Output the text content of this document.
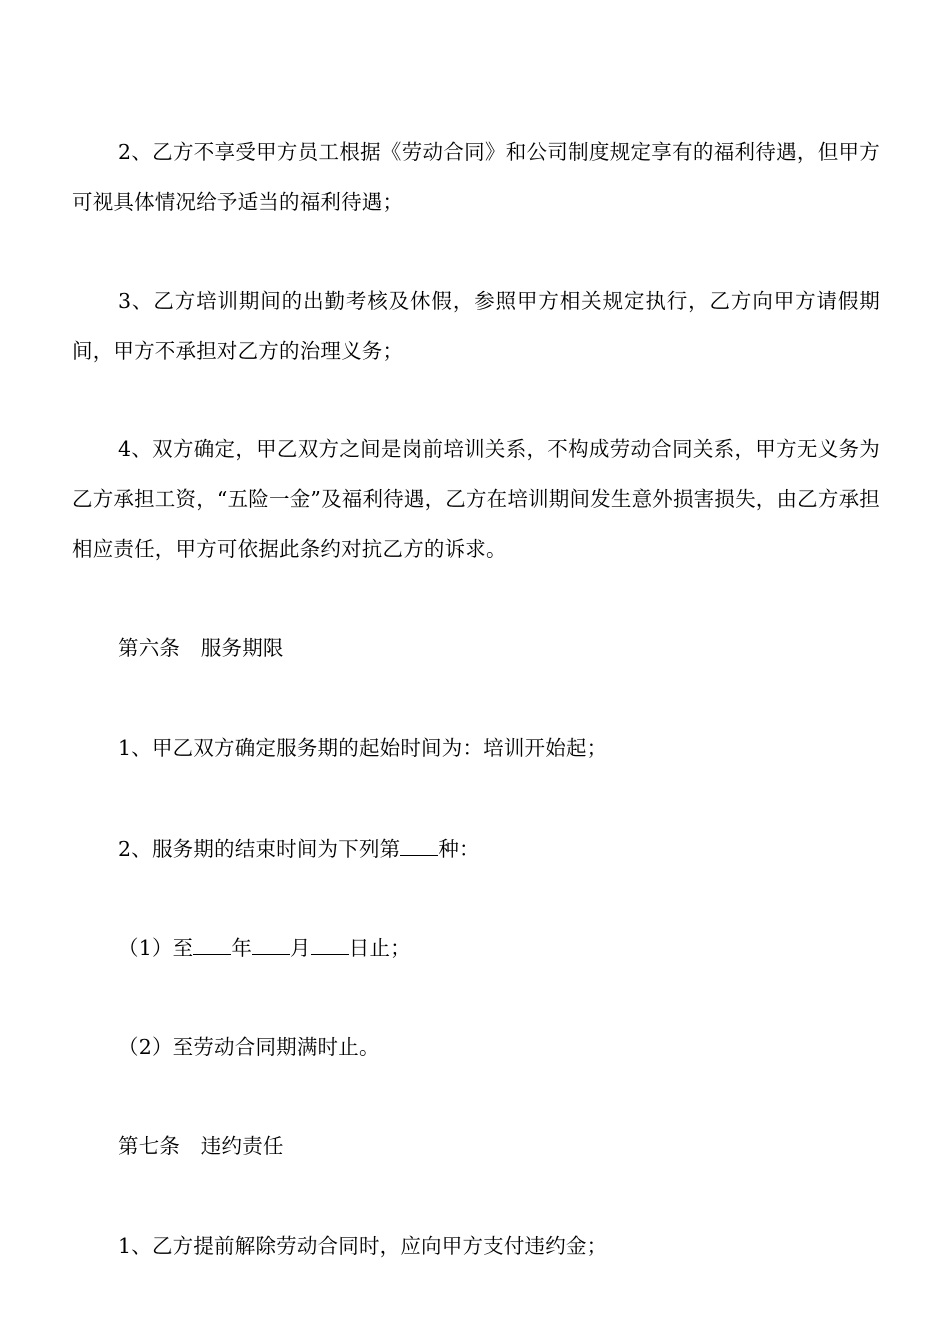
2、乙方不享受甲方员工根据《劳动合同》和公司制度规定享有的福利待遇，但甲方可视具体情况给予适当的福利待遇；
3、乙方培训期间的出勤考核及休假，参照甲方相关规定执行，乙方向甲方请假期间，甲方不承担对乙方的治理义务；
4、双方确定，甲乙双方之间是岗前培训关系，不构成劳动合同关系，甲方无义务为乙方承担工资，“五险一金”及福利待遇，乙方在培训期间发生意外损害损失，由乙方承担相应责任，甲方可依据此条约对抗乙方的诉求。
第六条　服务期限
1、甲乙双方确定服务期的起始时间为：培训开始起；
2、服务期的结束时间为下列第 种：
（1）至 年 月 日止；
（2）至劳动合同期满时止。
第七条　违约责任
1、乙方提前解除劳动合同时，应向甲方支付违约金；
